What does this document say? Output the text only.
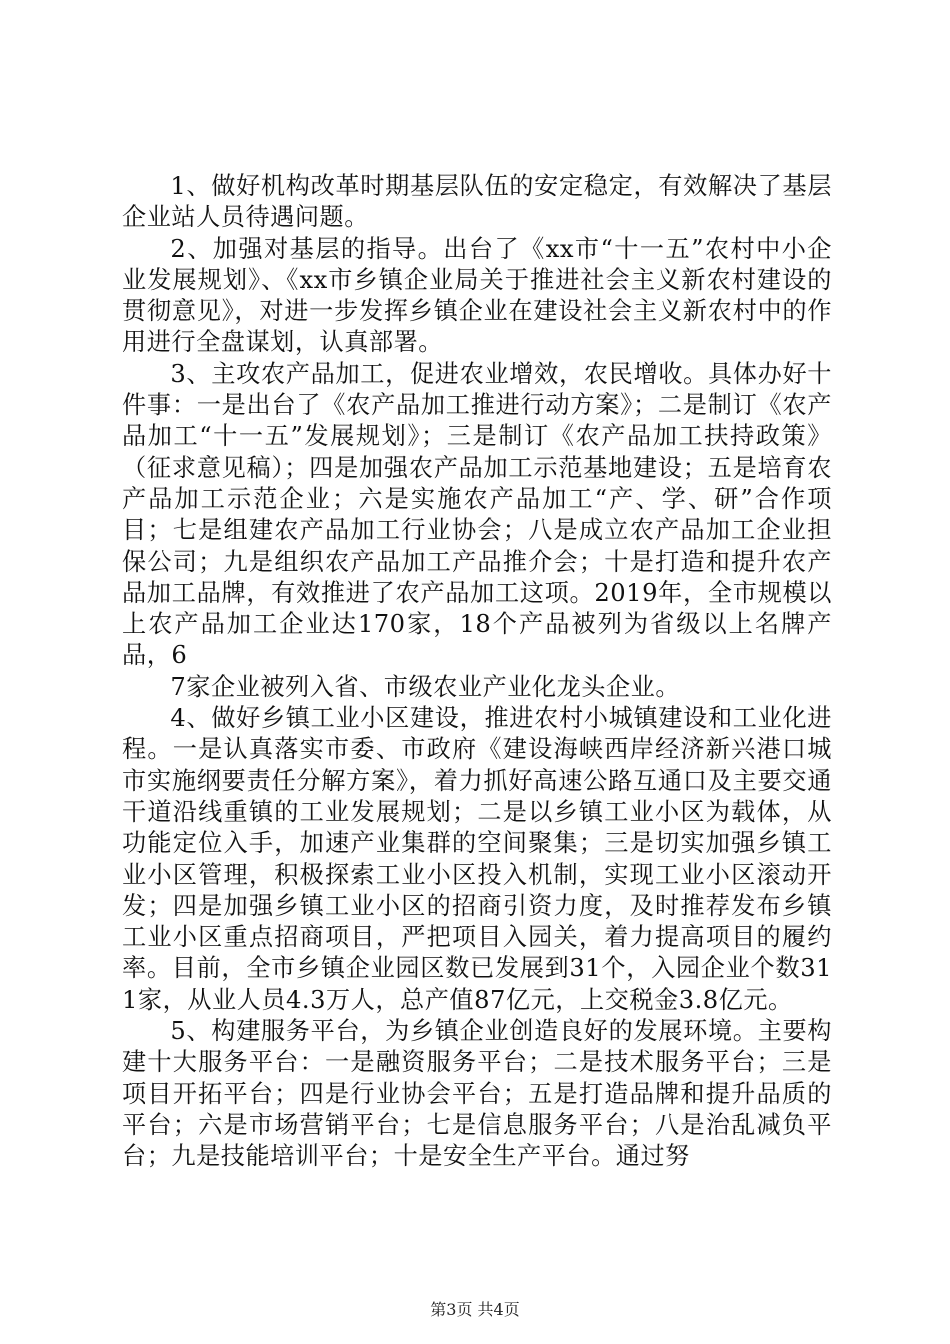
1、做好机构改革时期基层队伍的安定稳定，有效解决了基层企业站人员待遇问题。

2、加强对基层的指导。出台了《xx市“十一五”农村中小企业发展规划》、《xx市乡镇企业局关于推进社会主义新农村建设的贯彻意见》，对进一步发挥乡镇企业在建设社会主义新农村中的作用进行全盘谋划，认真部署。

3、主攻农产品加工，促进农业增效，农民增收。具体办好十件事：一是出台了《农产品加工推进行动方案》；二是制订《农产品加工“十一五”发展规划》；三是制订《农产品加工扶持政策》（征求意见稿）；四是加强农产品加工示范基地建设；五是培育农产品加工示范企业；六是实施农产品加工“产、学、研”合作项目；七是组建农产品加工行业协会；八是成立农产品加工企业担保公司；九是组织农产品加工产品推介会；十是打造和提升农产品加工品牌，有效推进了农产品加工这项。2019年，全市规模以上农产品加工企业达170家，18个产品被列为省级以上名牌产品，6

7家企业被列入省、市级农业产业化龙头企业。

4、做好乡镇工业小区建设，推进农村小城镇建设和工业化进程。一是认真落实市委、市政府《建设海峡西岸经济新兴港口城市实施纲要责任分解方案》，着力抓好高速公路互通口及主要交通干道沿线重镇的工业发展规划；二是以乡镇工业小区为载体，从功能定位入手，加速产业集群的空间聚集；三是切实加强乡镇工业小区管理，积极探索工业小区投入机制，实现工业小区滚动开发；四是加强乡镇工业小区的招商引资力度，及时推荐发布乡镇工业小区重点招商项目，严把项目入园关，着力提高项目的履约率。目前，全市乡镇企业园区数已发展到31个，入园企业个数311家，从业人员4.3万人，总产值87亿元，上交税金3.8亿元。

5、构建服务平台，为乡镇企业创造良好的发展环境。主要构建十大服务平台：一是融资服务平台；二是技术服务平台；三是项目开拓平台；四是行业协会平台；五是打造品牌和提升品质的平台；六是市场营销平台；七是信息服务平台；八是治乱减负平台；九是技能培训平台；十是安全生产平台。通过努

第3页 共4页
